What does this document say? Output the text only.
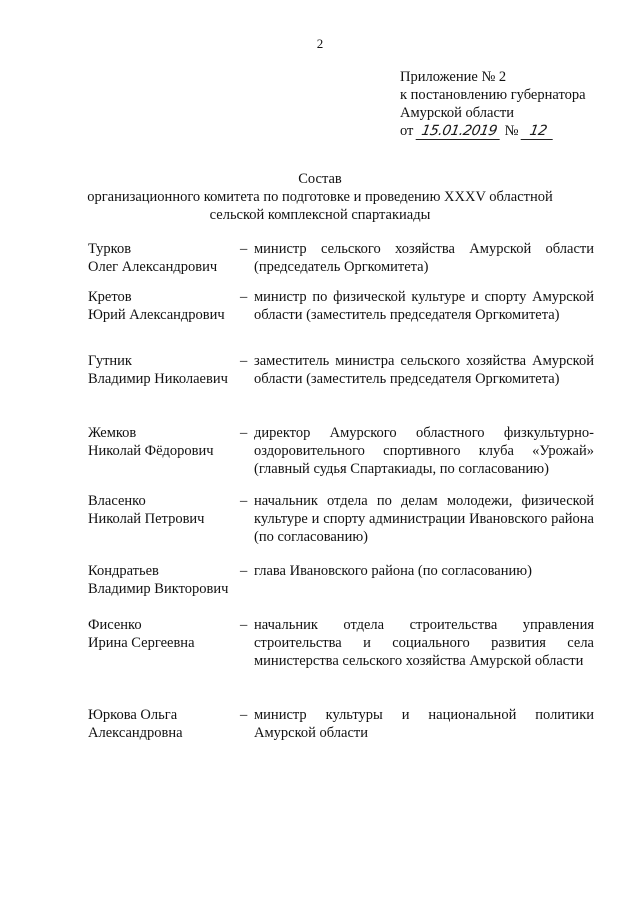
2
Приложение № 2
к постановлению губернатора
Амурской области
от 15.01.2019 № 12
Состав
организационного комитета по подготовке и проведению XXXV областной
сельской комплексной спартакиады
Турков
Олег Александрович
– министр сельского хозяйства Амурской области (председатель Оргкомитета)
Кретов
Юрий Александрович
– министр по физической культуре и спорту Амурской области (заместитель председателя Оргкомитета)
Гутник
Владимир Николаевич
– заместитель министра сельского хозяйства Амурской области (заместитель председателя Оргкомитета)
Жемков
Николай Фёдорович
– директор Амурского областного физкультурно-оздоровительного спортивного клуба «Урожай» (главный судья Спартакиады, по согласованию)
Власенко
Николай Петрович
– начальник отдела по делам молодежи, физической культуре и спорту администрации Ивановского района (по согласованию)
Кондратьев
Владимир Викторович
– глава Ивановского района (по согласованию)
Фисенко
Ирина Сергеевна
– начальник отдела строительства управления строительства и социального развития села министерства сельского хозяйства Амурской области
Юркова Ольга
Александровна
– министр культуры и национальной политики Амурской области
